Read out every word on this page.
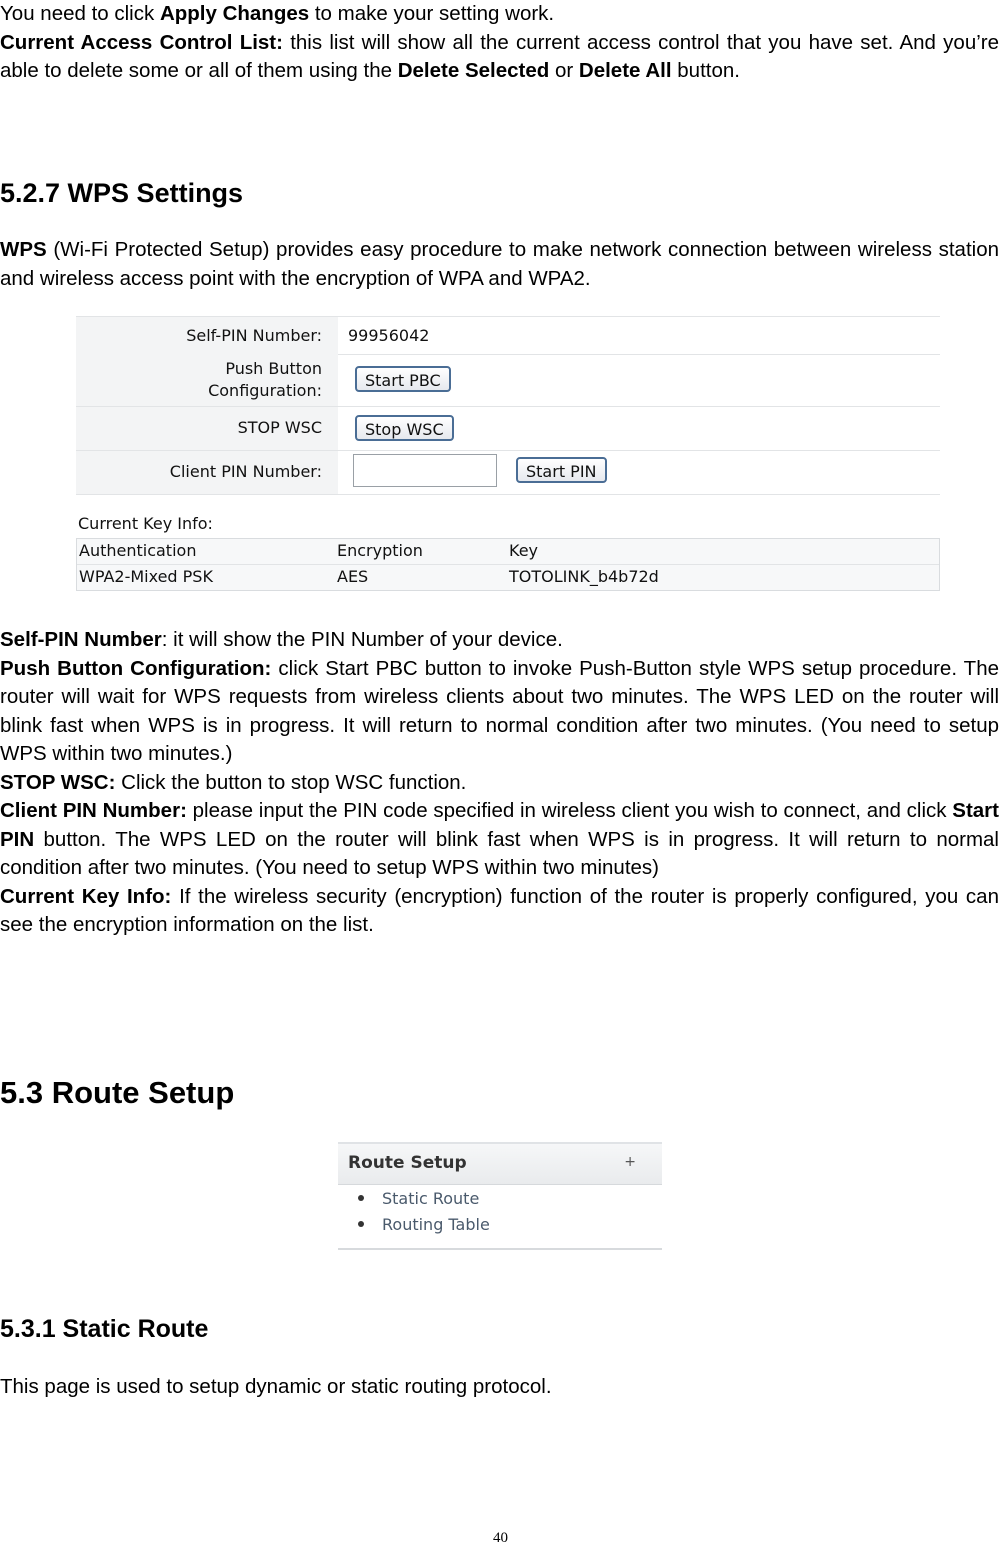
You need to click Apply Changes to make your setting work.
Current Access Control List: this list will show all the current access control that you have set. And you’re able to delete some or all of them using the Delete Selected or Delete All button.
5.2.7 WPS Settings
WPS (Wi-Fi Protected Setup) provides easy procedure to make network connection between wireless station and wireless access point with the encryption of WPA and WPA2.
Self-PIN Number: 99956042
Push Button
Configuration:
Start PBC
STOP WSC	Stop WSC
Client PIN Number:	Start PIN
Current Key Info:
Authentication	Encryption	Key
WPA2-Mixed PSK	AES	TOTOLINK_b4b72d
Self-PIN Number: it will show the PIN Number of your device.
Push Button Configuration: click Start PBC button to invoke Push-Button style WPS setup procedure. The router will wait for WPS requests from wireless clients about two minutes. The WPS LED on the router will blink fast when WPS is in progress. It will return to normal condition after two minutes. (You need to setup WPS within two minutes.)
STOP WSC: Click the button to stop WSC function.
Client PIN Number: please input the PIN code specified in wireless client you wish to connect, and click Start PIN button. The WPS LED on the router will blink fast when WPS is in progress. It will return to normal condition after two minutes. (You need to setup WPS within two minutes)
Current Key Info: If the wireless security (encryption) function of the router is properly configured, you can see the encryption information on the list.
5.3 Route Setup
Route Setup	+
Static Route
Routing Table
5.3.1 Static Route
This page is used to setup dynamic or static routing protocol.
40
